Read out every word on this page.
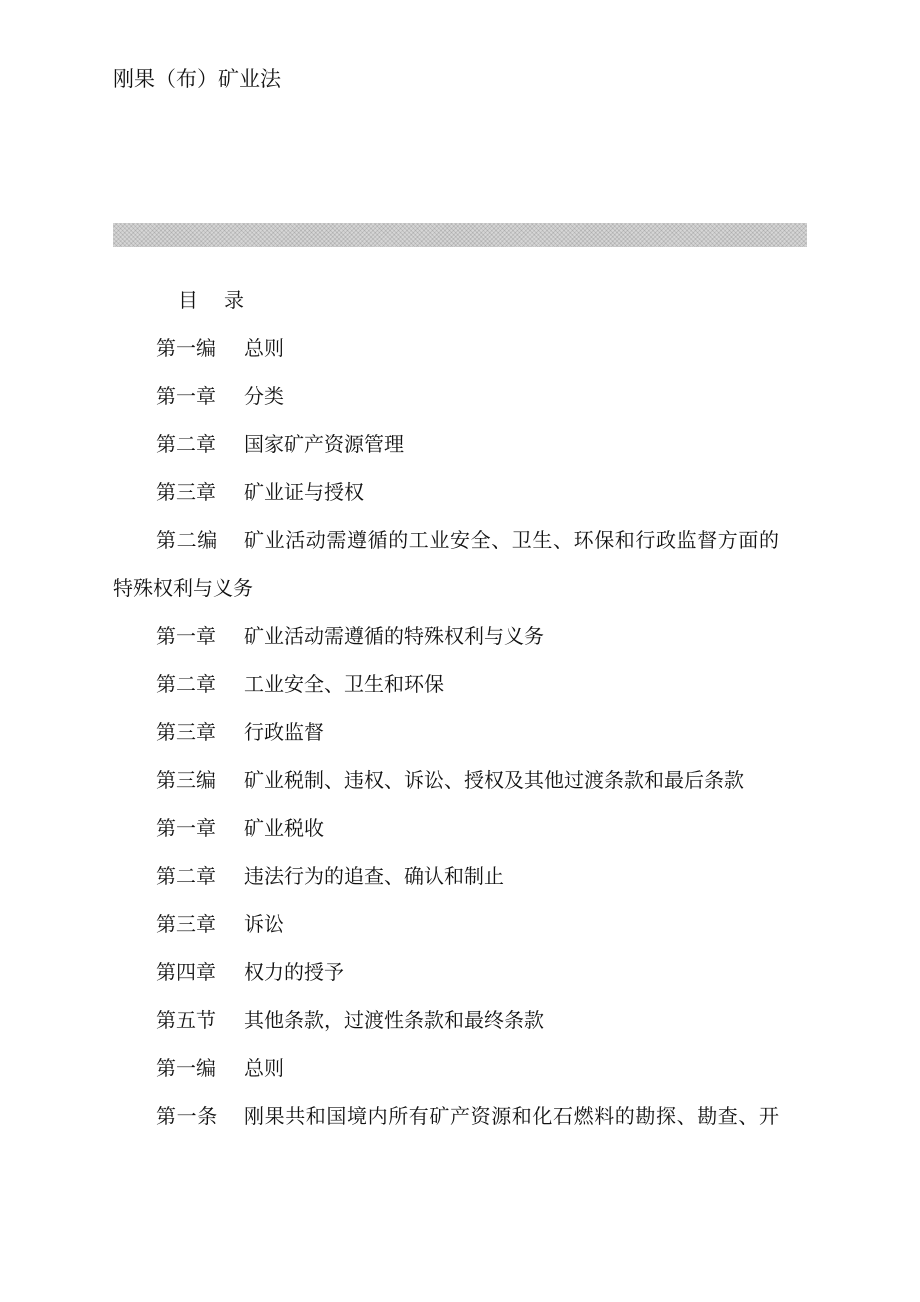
刚果（布）矿业法
目 录
第一编 总则
第一章 分类
第二章 国家矿产资源管理
第三章 矿业证与授权
第二编 矿业活动需遵循的工业安全、卫生、环保和行政监督方面的
特殊权利与义务
第一章 矿业活动需遵循的特殊权利与义务
第二章 工业安全、卫生和环保
第三章 行政监督
第三编 矿业税制、违权、诉讼、授权及其他过渡条款和最后条款
第一章 矿业税收
第二章 违法行为的追查、确认和制止
第三章 诉讼
第四章 权力的授予
第五节 其他条款，过渡性条款和最终条款
第一编 总则
第一条 刚果共和国境内所有矿产资源和化石燃料的勘探、勘查、开
